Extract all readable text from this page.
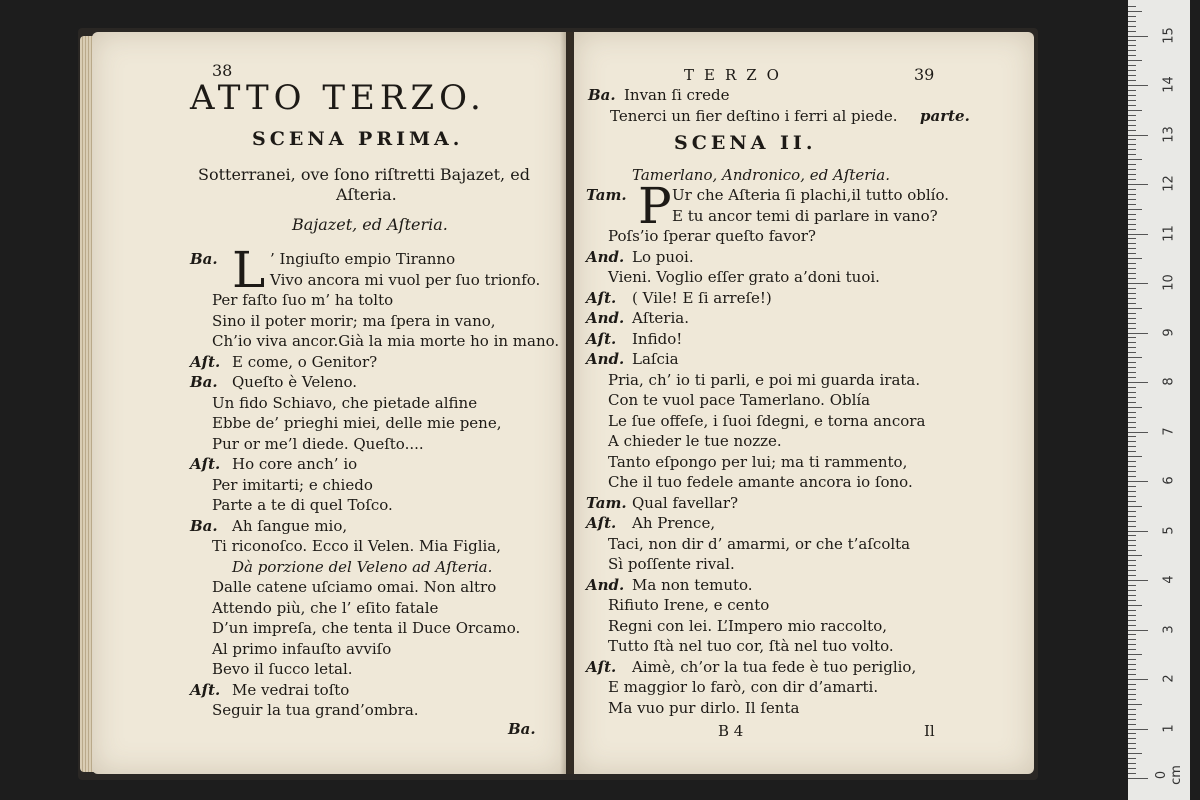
38
ATTO TERZO.
SCENA PRIMA.
Sotterranei, ove ſono riſtretti Bajazet, ed
Aſteria.
Bajazet, ed Aſteria.
L
Ba.	’ Ingiuſto empio Tiranno
Vivo ancora mi vuol per ſuo trionfo.
Per faſto ſuo m’ ha tolto
Sino il poter morir; ma ſpera in vano,
Ch’io viva ancor.Già la mia morte ho in mano.
Aſt. E come, o Genitor?
Ba. Queſto è Veleno.
Un fido Schiavo, che pietade alfine
Ebbe de’ prieghi miei, delle mie pene,
Pur or me’l diede. Queſto....
Aſt. Ho core anch’ io
Per imitarti; e chiedo
Parte a te di quel Toſco.
Ba. Ah ſangue mio,
Ti riconoſco. Ecco il Velen. Mia Figlia,
Dà porzione del Veleno ad Aſteria.
Dalle catene uſciamo omai. Non altro
Attendo più, che l’ eſito fatale
D’un impreſa, che tenta il Duce Orcamo.
Al primo infauſto avviſo
Bevo il ſucco letal.
Aſt. Me vedrai toſto
Seguir la tua grand’ombra.
Ba.
TERZO	39
Ba. Invan ſi crede
Tenerci un fier deſtino i ferri al piede. parte.
SCENA II.
Tamerlano, Andronico, ed Aſteria.
P
Tam.	Ur che Aſteria ſi plachi,il tutto oblío.
E tu ancor temi di parlare in vano?
Poſs’io ſperar queſto favor?
And. Lo puoi.
Vieni. Voglio eſſer grato a’doni tuoi.
Aſt. ( Vile! E ſi arreſe!)
And. Aſteria.
Aſt. Infido!
And. Laſcia
Pria, ch’ io ti parli, e poi mi guarda irata.
Con te vuol pace Tamerlano. Oblía
Le ſue offeſe, i ſuoi ſdegni, e torna ancora
A chieder le tue nozze.
Tanto eſpongo per lui; ma ti rammento,
Che il tuo fedele amante ancora io ſono.
Tam. Qual favellar?
Aſt. Ah Prence,
Taci, non dir d’ amarmi, or che t’aſcolta
Sì poſſente rival.
And. Ma non temuto.
Rifiuto Irene, e cento
Regni con lei. L’Impero mio raccolto,
Tutto ſtà nel tuo cor, ſtà nel tuo volto.
Aſt. Aimè, ch’or la tua fede è tuo periglio,
E maggior lo farò, con dir d’amarti.
Ma vuo pur dirlo. Il ſenta
B 4	Il	1
2
3
4
5
6
7
8
9
10
11
12
13
14
15
0 cm
